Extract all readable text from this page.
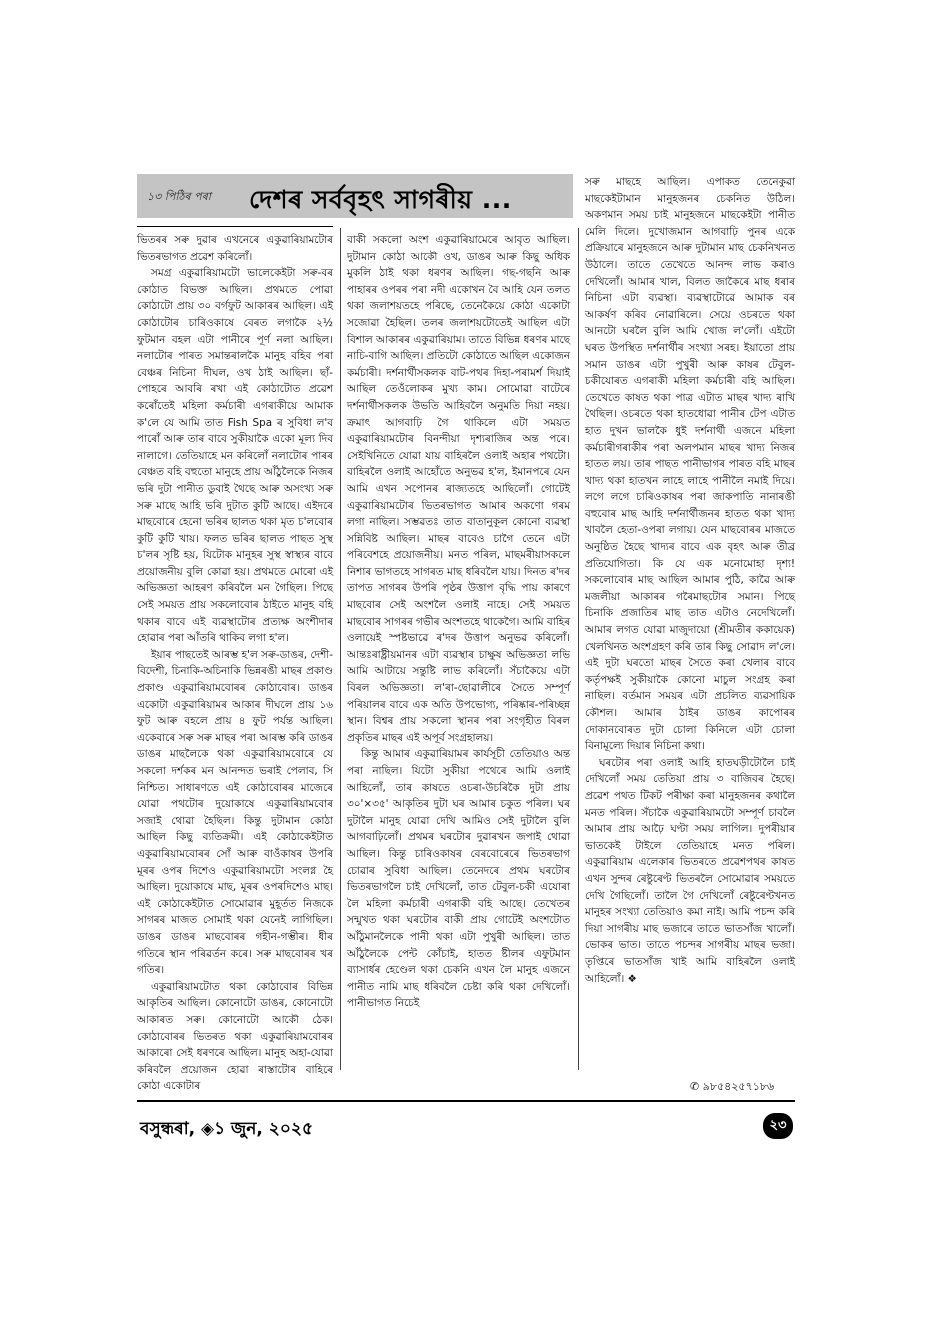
১৩ পিঠিৰ পৰা দেশৰ সৰ্ববৃহৎ সাগৰীয় ...

ভিতৰৰ সৰু দুৱাৰ এখনেৰে একুৱাৰিয়ামটোৰ ভিতৰভাগত প্ৰৱেশ কৰিলোঁ।

সমগ্ৰ একুৱাৰিয়ামটো ভালেকেইটা সৰু-বৰ কোঠাত বিভক্ত আছিল। প্ৰথমতে পোৱা কোঠাটো প্ৰায় ৩০ বৰ্গফুট আকাৰৰ আছিল। এই কোঠাটোৰ চাৰিওকাষে বেৰত লগাকৈ ২½ ফুটমান বহল এটা পানীৰে পূৰ্ণ নলা আছিল। নলাটোৰ পাৰত সমান্তৰালকৈ মানুহ বহিব পৰা বেঞ্চৰ নিচিনা দীঘল, ওখ ঠাই আছিল। ছাঁ-পোহৰে আবৰি ৰখা এই কোঠাটোত প্ৰৱেশ কৰোঁতেই মহিলা কৰ্মচাৰী এগৰাকীয়ে আমাক ক'লে যে আমি তাত Fish Spa ৰ সুবিধা ল'ব পাৰোঁ আৰু তাৰ বাবে সুকীয়াকৈ একো মূল্য দিব নালাগে। তেতিয়াহে মন কৰিলোঁ নলাটোৰ পাৰৰ বেঞ্চত বহি বহুতো মানুহে প্ৰায় আঁঠুলৈকে নিজৰ ভৰি দুটা পানীত ডুবাই থৈছে আৰু অসংখ্য সৰু সৰু মাছে আহি ভৰি দুটাত কুটি আছে। এইদৰে মাছবোৰে হেনো ভৰিৰ ছালত থকা মৃত চ'লবোৰ কুটি কুটি খায়। ফলত ভৰিৰ ছালত পাছত সুস্থ চ'লৰ সৃষ্টি হয়, যিটোক মানুহৰ সুস্থ স্বাস্থ্যৰ বাবে প্ৰয়োজনীয় বুলি কোৱা হয়। প্ৰথমতে মোৰো এই অভিজ্ঞতা আহৰণ কৰিবলৈ মন গৈছিল। পিছে সেই সময়ত প্ৰায় সকলোবোৰ ঠাইতে মানুহ বহি থকাৰ বাবে এই ব্যৱস্থাটোৰ প্ৰত্যক্ষ অংশীদাৰ হোৱাৰ পৰা আঁতৰি থাকিব লগা হ'ল।

ইয়াৰ পাছতেই আৰম্ভ হ'ল সৰু-ডাঙৰ, দেশী-বিদেশী, চিনাকি-অচিনাকি ভিন্নৰঙী মাছৰ প্ৰকাণ্ড প্ৰকাণ্ড একুৱাৰিয়ামবোৰৰ কোঠাবোৰ। ডাঙৰ একোটা একুৱাৰিয়ামৰ আকাৰ দীঘলে প্ৰায় ১৬ ফুট আৰু বহলে প্ৰায় ৪ ফুট পৰ্যন্ত আছিল। একেবাৰে সৰু সৰু মাছৰ পৰা আৰম্ভ কৰি ডাঙৰ ডাঙৰ মাছলৈকে থকা একুৱাৰিয়ামবোৰে যে সকলো দৰ্শকৰ মন আনন্দত ভৰাই পেলাব, সি নিশ্চিত। সাধাৰণতে এই কোঠাবোৰৰ মাজেৰে যোৱা পথটোৰ দুয়োকাষে একুৱাৰিয়ামবোৰ সজাই থোৱা হৈছিল। কিন্তু দুটামান কোঠা আছিল কিছু ব্যতিক্ৰমী। এই কোঠাকেইটাত একুৱাৰিয়ামবোৰৰ সোঁ আৰু বাওঁকাষৰ উপৰি মূৰৰ ওপৰ দিশেও একুৱাৰিয়ামটো সংলগ্ন হৈ আছিল। দুয়োকাষে মাছ, মূৰৰ ওপৰদিশেও মাছ। এই কোঠাকেইটাত সোমোৱাৰ মুহূৰ্তত নিজকে সাগৰৰ মাজত সোমাই থকা যেনেই লাগিছিল। ডাঙৰ ডাঙৰ মাছবোৰৰ গহীন-গম্ভীৰ। ধীৰ গতিৰে স্থান পৰিৱৰ্তন কৰে। সৰু মাছবোৰৰ খৰ গতিৰ।

একুৱাৰিয়ামটোত থকা কোঠাবোৰ বিভিন্ন আকৃতিৰ আছিল। কোনোটো ডাঙৰ, কোনোটো আকাৰত সৰু। কোনোটো আকৌ ঠেক। কোঠাবোৰৰ ভিতৰত থকা একুৱাৰিয়ামবোৰৰ আকাৰো সেই ধৰণৰে আছিল। মানুহ অহা-যোৱা কৰিবলৈ প্ৰয়োজন হোৱা ৰাস্তাটোৰ বাহিৰে কোঠা একোটাৰ

বাকী সকলো অংশ একুৱাৰিয়ামেৰে আবৃত আছিল। দুটামান কোঠা আকৌ ওখ, ডাঙৰ আৰু কিছু অধিক মুকলি ঠাই থকা ধৰণৰ আছিল। গছ-গছনি আৰু পাহাৰৰ ওপৰৰ পৰা নদী একোখন বৈ আহি যেন তলত থকা জলাশয়তহে পৰিছে, তেনেকৈয়ে কোঠা একোটা সজোৱা হৈছিল। তলৰ জলাশয়টোতেই আছিল এটা বিশাল আকাৰৰ একুৱাৰিয়াম। তাতে বিভিন্ন ধৰণৰ মাছে নাচি-বাগি আছিল। প্ৰতিটো কোঠাতে আছিল একোজন কৰ্মচাৰী। দৰ্শনাৰ্থীসকলক বাট-পথৰ দিহা-পৰামৰ্শ দিয়াই আছিল তেওঁলোকৰ মুখ্য কাম। সোমোৱা বাটেৰে দৰ্শনাৰ্থীসকলক উভতি আহিবলৈ অনুমতি দিয়া নহয়। ক্ৰমাৎ আগবাঢ়ি গৈ থাকিলে এটা সময়ত একুৱাৰিয়ামটোৰ বিনন্দীয়া দৃশ্যৰাজিৰ অন্ত পৰে। সেইখিনিতে যোৱা যায় বাহিৰলৈ ওলাই অহাৰ পথটো। বাহিৰলৈ ওলাই আহোঁতে অনুভৱ হ'ল, ইমানপৰে যেন আমি এখন সপোনৰ ৰাজ্যতহে আছিলোঁ। গোটেই একুৱাৰিয়ামটোৰ ভিতৰভাগত আমাৰ অকণো গৰম লগা নাছিল। সম্ভৱতঃ তাত বাতানুকূল কোনো ব্যৱস্থা সন্নিবিষ্ট আছিল। মাছৰ বাবেও চাগৈ তেনে এটা পৰিবেশহে প্ৰয়োজনীয়। মনত পৰিল, মাছমৰীয়াসকলে নিশাৰ ভাগতহে সাগৰত মাছ ধৰিবলৈ যায়। দিনত ৰ'দৰ তাপত সাগৰৰ উপৰি পৃষ্ঠৰ উত্তাপ বৃদ্ধি পায় কাৰণে মাছবোৰ সেই অংশলৈ ওলাই নাহে। সেই সময়ত মাছবোৰ সাগৰৰ গভীৰ অংশতহে থাকেগৈ। আমি বাহিৰ ওলায়েই স্পষ্টভাৱে ৰ'দৰ উত্তাপ অনুভৱ কৰিলোঁ। আন্তঃৰাষ্ট্ৰীয়মানৰ এটা ব্যৱস্থাৰ চাক্ষুষ অভিজ্ঞতা লভি আমি আটায়ে সন্তুষ্টি লাভ কৰিলোঁ। সঁচাকৈয়ে এটা বিৰল অভিজ্ঞতা। ল'ৰা-ছোৱালীৰে সৈতে সম্পূৰ্ণ পৰিয়ালৰ বাবে এক অতি উপভোগ্য, পৰিষ্কাৰ-পৰিচ্ছন্ন স্থান। বিশ্বৰ প্ৰায় সকলো স্থানৰ পৰা সংগৃহীত বিৰল প্ৰকৃতিৰ মাছৰ এই অপূৰ্ব সংগ্ৰহালয়।

কিন্তু আমাৰ একুৱাৰিয়ামৰ কাৰ্যসূচী তেতিয়াও অন্ত পৰা নাছিল। যিটো সুকীয়া পথেৰে আমি ওলাই আহিলোঁ, তাৰ কাষতে ওচৰা-উচৰিকৈ দুটা প্ৰায় ৩০'×৩৫' আকৃতিৰ দুটা ঘৰ আমাৰ চকুত পৰিল। ঘৰ দুটালৈ মানুহ যোৱা দেখি আমিও সেই দুটালৈ বুলি আগবাঢ়িলোঁ। প্ৰথমৰ ঘৰটোৰ দুৱাৰখন জপাই থোৱা আছিল। কিন্তু চাৰিওকাষৰ বেৰবোৰেৰে ভিতৰভাগ চোৱাৰ সুবিধা আছিল। তেনেদৰে প্ৰথম ঘৰটোৰ ভিতৰভাগলৈ চাই দেখিলোঁ, তাত টেবুল-চকী এযোৰা লৈ মহিলা কৰ্মচাৰী এগৰাকী বহি আছে। তেখেতৰ সন্মুখত থকা ঘৰটোৰ বাকী প্ৰায় গোটেই অংশটোত আঁঠুমানলৈকে পানী থকা এটা পুখুৰী আছিল। তাত আঁঠুলৈকে পেন্ট কোঁচাই, হাতত ষ্টীলৰ এফুটমান ব্যাসাৰ্ধৰ হেণ্ডেল থকা চেকনি এখন লৈ মানুহ এজনে পানীত নামি মাছ ধৰিবলৈ চেষ্টা কৰি থকা দেখিলোঁ। পানীভাগত নিচেই

সৰু মাছহে আছিল। এপাকত তেনেকুৱা মাছকেইটামান মানুহজনৰ চেকনিত উঠিল। অকণমান সময় চাই মানুহজনে মাছকেইটা পানীত মেলি দিলে। দুখোজমান আগবাঢ়ি পুনৰ একে প্ৰক্ৰিয়াৰে মানুহজনে আৰু দুটামান মাছ চেকনিখনত উঠালে। তাতে তেখেতে আনন্দ লাভ কৰাও দেখিলোঁ। আমাৰ খাল, বিলত জাকৈৰে মাছ ধৰাৰ নিচিনা এটা ব্যৱস্থা। ব্যৱস্থাটোৱে আমাক বৰ আকৰ্ষণ কৰিব নোৱাৰিলে। সেয়ে ওচৰতে থকা আনটো ঘৰলৈ বুলি আমি খোজ ল'লোঁ। এইটো ঘৰত উপস্থিত দৰ্শনাৰ্থীৰ সংখ্যা সৰহ। ইয়াতো প্ৰায় সমান ডাঙৰ এটা পুখুৰী আৰু কাষৰ টেবুল-চকীযোৰত এগৰাকী মহিলা কৰ্মচাৰী বহি আছিল। তেখেতে কাষত থকা পাত্ৰ এটাত মাছৰ খাদ্য ৰাখি থৈছিল। ওচৰতে থকা হাতধোৱা পানীৰ টেপ এটাত হাত দুখন ভালকৈ ধুই দৰ্শনাৰ্থী এজনে মহিলা কৰ্মচাৰীগৰাকীৰ পৰা অলপমান মাছৰ খাদ্য নিজৰ হাতত লয়। তাৰ পাছত পানীভাগৰ পাৰত বহি মাছৰ খাদ্য থকা হাতখন লাহে লাহে পানীলৈ নমাই দিয়ে। লগে লগে চাৰিওকাষৰ পৰা জাকপাতি নানাৰঙী বহুবোৰ মাছ আহি দৰ্শনাৰ্থীজনৰ হাতত থকা খাদ্য খাবলৈ হেতা-ওপৰা লগায়। যেন মাছবোৰৰ মাজতে অনুষ্ঠিত হৈছে খাদ্যৰ বাবে এক বৃহৎ আৰু তীব্ৰ প্ৰতিযোগিতা। কি যে এক মনোমোহা দৃশ্য! সকলোবোৰ মাছ আছিল আমাৰ পুঠি, কাৱৈ আৰু মজলীয়া আকাৰৰ গৰৈমাছটোৰ সমান। পিছে চিনাকি প্ৰজাতিৰ মাছ তাত এটাও নেদেখিলোঁ। আমাৰ লগত যোৱা মাজুদায়ো (শ্ৰীমতীৰ ককায়েক) খেলখিনত অংশগ্ৰহণ কৰি তাৰ কিছু সোৱাদ ল'লে। এই দুটা ঘৰতো মাছৰ সৈতে কৰা খেলাৰ বাবে কৰ্তৃপক্ষই সুকীয়াকৈ কোনো মাচুল সংগ্ৰহ কৰা নাছিল। বৰ্তমান সময়ৰ এটা প্ৰচলিত ব্যৱসায়িক কৌশল। আমাৰ ঠাইৰ ডাঙৰ কাপোৰৰ দোকানবোৰত দুটা চোলা কিনিলে এটা চোলা বিনামূল্যে দিয়াৰ নিচিনা কথা।

ঘৰটোৰ পৰা ওলাই আহি হাতঘড়ীটোলৈ চাই দেখিলোঁ সময় তেতিয়া প্ৰায় ৩ বাজিবৰ হৈছে। প্ৰৱেশ পথত টিকট পৰীক্ষা কৰা মানুহজনৰ কথালৈ মনত পৰিল। সঁচাকৈ একুৱাৰিয়ামটো সম্পূৰ্ণ চাবলৈ আমাৰ প্ৰায় আঢ়ৈ ঘণ্টা সময় লাগিল। দুপৰীয়াৰ ভাতকেই টাইলে তেতিয়াহে মনত পৰিল। একুৱাৰিয়াম এলেকাৰ ভিতৰতে প্ৰৱেশপথৰ কাষত এখন সুন্দৰ ৰেষ্টুৰেণ্ট ভিতৰলৈ সোমোৱাৰ সময়তে দেখি গৈছিলোঁ। তালৈ গৈ দেখিলোঁ ৰেষ্টুৰেণ্টখনত মানুহৰ সংখ্যা তেতিয়াও কমা নাই। আমি পচন্দ কৰি দিয়া সাগৰীয় মাছ ভজাৰে তাতে ভাতসাঁজ খালোঁ। ভোকৰ ভাত। তাতে পচন্দৰ সাগৰীয় মাছৰ ভজা। তৃপ্তিৰে ভাতসাঁজ খাই আমি বাহিৰলৈ ওলাই আহিলোঁ। ❖

✆ ৯৮৫৪২৫৭১৮৬
বসুন্ধৰা, ◈১ জুন, ২০২৫	২৩
